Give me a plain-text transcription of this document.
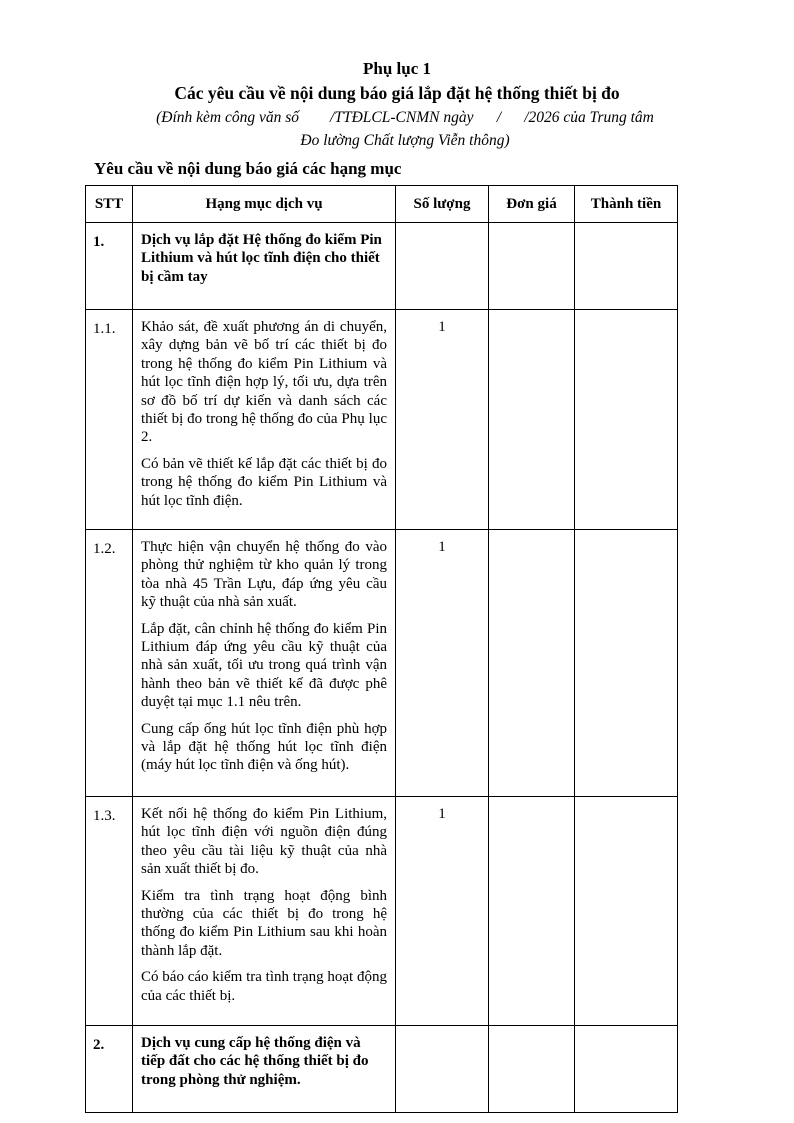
Phụ lục 1
Các yêu cầu về nội dung báo giá lắp đặt hệ thống thiết bị đo
(Đính kèm công văn số        /TTĐLCL-CNMN ngày      /      /2026 của Trung tâm
Đo lường Chất lượng Viễn thông)
Yêu cầu về nội dung báo giá các hạng mục
STT	Hạng mục dịch vụ	Số lượng	Đơn giá	Thành tiền
1.	Dịch vụ lắp đặt Hệ thống đo kiểm Pin Lithium và hút lọc tĩnh điện cho thiết bị cầm tay			

1.1.	Khảo sát, đề xuất phương án di chuyển, xây dựng bản vẽ bố trí các thiết bị đo trong hệ thống đo kiểm Pin Lithium và hút lọc tĩnh điện hợp lý, tối ưu, dựa trên sơ đồ bố trí dự kiến và danh sách các thiết bị đo trong hệ thống đo của Phụ lục 2.

Có bản vẽ thiết kế lắp đặt các thiết bị đo trong hệ thống đo kiểm Pin Lithium và hút lọc tĩnh điện.	1		
1.2.	Thực hiện vận chuyển hệ thống đo vào phòng thử nghiệm từ kho quản lý trong tòa nhà 45 Trần Lựu, đáp ứng yêu cầu kỹ thuật của nhà sản xuất.

Lắp đặt, cân chỉnh hệ thống đo kiểm Pin Lithium đáp ứng yêu cầu kỹ thuật của nhà sản xuất, tối ưu trong quá trình vận hành theo bản vẽ thiết kế đã được phê duyệt tại mục 1.1 nêu trên.

Cung cấp ống hút lọc tĩnh điện phù hợp và lắp đặt hệ thống hút lọc tĩnh điện (máy hút lọc tĩnh điện và ống hút).	1		
1.3.	Kết nối hệ thống đo kiểm Pin Lithium, hút lọc tĩnh điện với nguồn điện đúng theo yêu cầu tài liệu kỹ thuật của nhà sản xuất thiết bị đo.

Kiểm tra tình trạng hoạt động bình thường của các thiết bị đo trong hệ thống đo kiểm Pin Lithium sau khi hoàn thành lắp đặt.

Có báo cáo kiểm tra tình trạng hoạt động của các thiết bị.	1		
2.	Dịch vụ cung cấp hệ thống điện và tiếp đất cho các hệ thống thiết bị đo trong phòng thử nghiệm.			
